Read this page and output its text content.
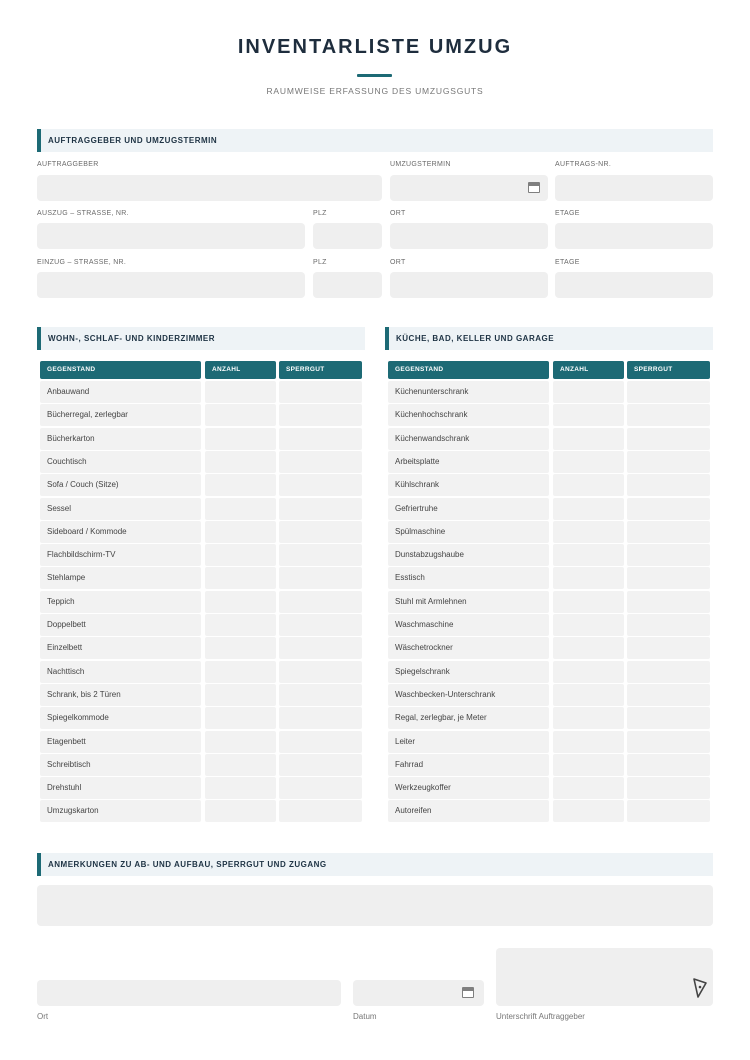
INVENTARLISTE UMZUG
RAUMWEISE ERFASSUNG DES UMZUGSGUTS
AUFTRAGGEBER UND UMZUGSTERMIN
AUFTRAGGEBER	UMZUGSTERMIN	AUFTRAGS-NR.
AUSZUG – STRASSE, NR.	PLZ	ORT	ETAGE
EINZUG – STRASSE, NR.	PLZ	ORT	ETAGE
WOHN-, SCHLAF- UND KINDERZIMMER	KÜCHE, BAD, KELLER UND GARAGE
GEGENSTAND	ANZAHL	SPERRGUT
Anbauwand
Bücherregal, zerlegbar
Bücherkarton
Couchtisch
Sofa / Couch (Sitze)
Sessel
Sideboard / Kommode
Flachbildschirm-TV
Stehlampe
Teppich
Doppelbett
Einzelbett
Nachttisch
Schrank, bis 2 Türen
Spiegelkommode
Etagenbett
Schreibtisch
Drehstuhl
Umzugskarton
GEGENSTAND	ANZAHL	SPERRGUT
Küchenunterschrank
Küchenhochschrank
Küchenwandschrank
Arbeitsplatte
Kühlschrank
Gefriertruhe
Spülmaschine
Dunstabzugshaube
Esstisch
Stuhl mit Armlehnen
Waschmaschine
Wäschetrockner
Spiegelschrank
Waschbecken-Unterschrank
Regal, zerlegbar, je Meter
Leiter
Fahrrad
Werkzeugkoffer
Autoreifen
ANMERKUNGEN ZU AB- UND AUFBAU, SPERRGUT UND ZUGANG
Ort	Datum	Unterschrift Auftraggeber
